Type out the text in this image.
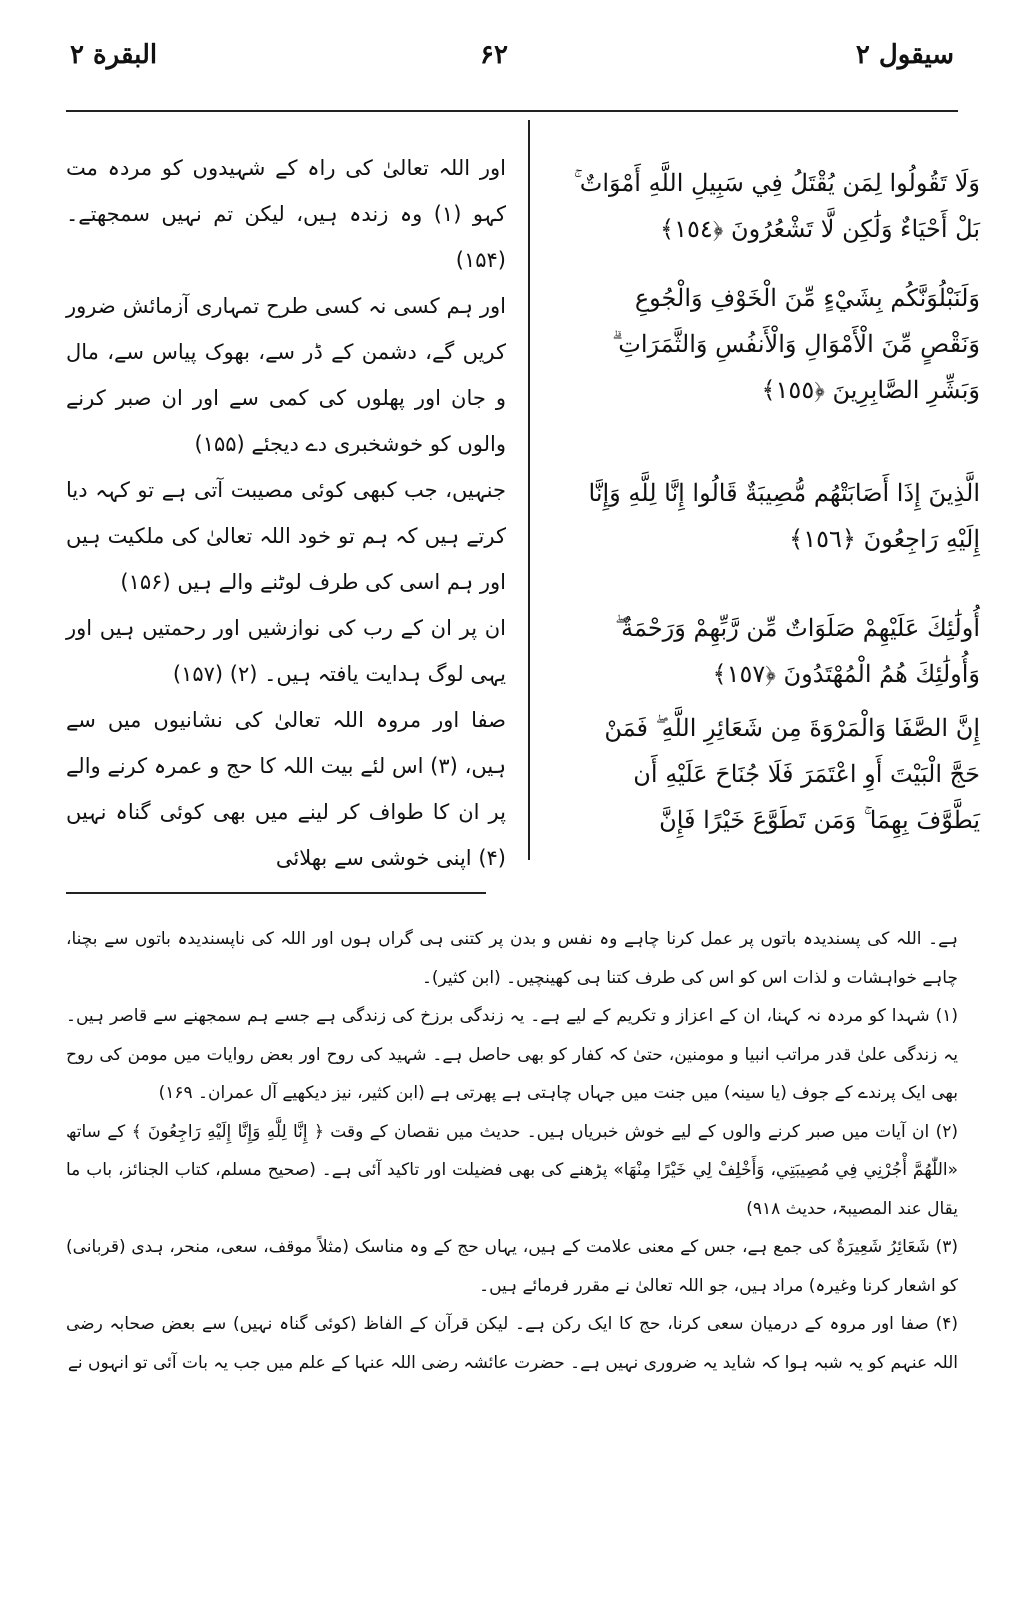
البقرة ۲	۶۲	سیقول ۲

وَلَا تَقُولُوا لِمَن يُقْتَلُ فِي سَبِيلِ اللَّهِ أَمْوَاتٌ ۚ بَلْ أَحْيَاءٌ وَلَٰكِن لَّا تَشْعُرُونَ ﴿١٥٤﴾

وَلَنَبْلُوَنَّكُم بِشَيْءٍ مِّنَ الْخَوْفِ وَالْجُوعِ وَنَقْصٍ مِّنَ الْأَمْوَالِ وَالْأَنفُسِ وَالثَّمَرَاتِ ۗ وَبَشِّرِ الصَّابِرِينَ ﴿١٥٥﴾

الَّذِينَ إِذَا أَصَابَتْهُم مُّصِيبَةٌ قَالُوا إِنَّا لِلَّهِ وَإِنَّا إِلَيْهِ رَاجِعُونَ ﴿١٥٦﴾

أُولَٰئِكَ عَلَيْهِمْ صَلَوَاتٌ مِّن رَّبِّهِمْ وَرَحْمَةٌ ۖ وَأُولَٰئِكَ هُمُ الْمُهْتَدُونَ ﴿١٥٧﴾

إِنَّ الصَّفَا وَالْمَرْوَةَ مِن شَعَائِرِ اللَّهِ ۖ فَمَنْ حَجَّ الْبَيْتَ أَوِ اعْتَمَرَ فَلَا جُنَاحَ عَلَيْهِ أَن يَطَّوَّفَ بِهِمَا ۚ وَمَن تَطَوَّعَ خَيْرًا فَإِنَّ

اور اللہ تعالیٰ کی راہ کے شہیدوں کو مردہ مت کہو (۱) وہ زندہ ہیں، لیکن تم نہیں سمجھتے۔ (۱۵۴)

اور ہم کسی نہ کسی طرح تمہاری آزمائش ضرور کریں گے، دشمن کے ڈر سے، بھوک پیاس سے، مال و جان اور پھلوں کی کمی سے اور ان صبر کرنے والوں کو خوشخبری دے دیجئے (۱۵۵)

جنہیں، جب کبھی کوئی مصیبت آتی ہے تو کہہ دیا کرتے ہیں کہ ہم تو خود اللہ تعالیٰ کی ملکیت ہیں اور ہم اسی کی طرف لوٹنے والے ہیں (۱۵۶)

ان پر ان کے رب کی نوازشیں اور رحمتیں ہیں اور یہی لوگ ہدایت یافتہ ہیں۔ (۲) (۱۵۷)

صفا اور مروہ اللہ تعالیٰ کی نشانیوں میں سے ہیں، (۳) اس لئے بیت اللہ کا حج و عمرہ کرنے والے پر ان کا طواف کر لینے میں بھی کوئی گناہ نہیں (۴) اپنی خوشی سے بھلائی

ہے۔ اللہ کی پسندیدہ باتوں پر عمل کرنا چاہے وہ نفس و بدن پر کتنی ہی گراں ہوں اور اللہ کی ناپسندیدہ باتوں سے بچنا، چاہے خواہشات و لذات اس کو اس کی طرف کتنا ہی کھینچیں۔ (ابن کثیر)۔

(۱) شہدا کو مردہ نہ کہنا، ان کے اعزاز و تکریم کے لیے ہے۔ یہ زندگی برزخ کی زندگی ہے جسے ہم سمجھنے سے قاصر ہیں۔ یہ زندگی علیٰ قدر مراتب انبیا و مومنین، حتیٰ کہ کفار کو بھی حاصل ہے۔ شہید کی روح اور بعض روایات میں مومن کی روح بھی ایک پرندے کے جوف (یا سینہ) میں جنت میں جہاں چاہتی ہے پھرتی ہے (ابن کثیر، نیز دیکھیے آل عمران۔ ۱۶۹)

(۲) ان آیات میں صبر کرنے والوں کے لیے خوش خبریاں ہیں۔ حدیث میں نقصان کے وقت ﴿ إِنَّا لِلَّهِ وَإِنَّا إِلَيْهِ رَاجِعُونَ ﴾ کے ساتھ «اللّٰهُمَّ أْجُرْنِي فِي مُصِيبَتِي، وَأَخْلِفْ لِي خَيْرًا مِنْهَا» پڑھنے کی بھی فضیلت اور تاکید آئی ہے۔ (صحیح مسلم، کتاب الجنائز، باب ما یقال عند المصیبۃ، حدیث ۹۱۸)

(۳) شَعَائِرُ شَعِيرَةٌ کی جمع ہے، جس کے معنی علامت کے ہیں، یہاں حج کے وہ مناسک (مثلاً موقف، سعی، منحر، ہدی (قربانی) کو اشعار کرنا وغیرہ) مراد ہیں، جو اللہ تعالیٰ نے مقرر فرمائے ہیں۔

(۴) صفا اور مروہ کے درمیان سعی کرنا، حج کا ایک رکن ہے۔ لیکن قرآن کے الفاظ (کوئی گناہ نہیں) سے بعض صحابہ رضی اللہ عنہم کو یہ شبہ ہوا کہ شاید یہ ضروری نہیں ہے۔ حضرت عائشہ رضی اللہ عنہا کے علم میں جب یہ بات آئی تو انہوں نے
